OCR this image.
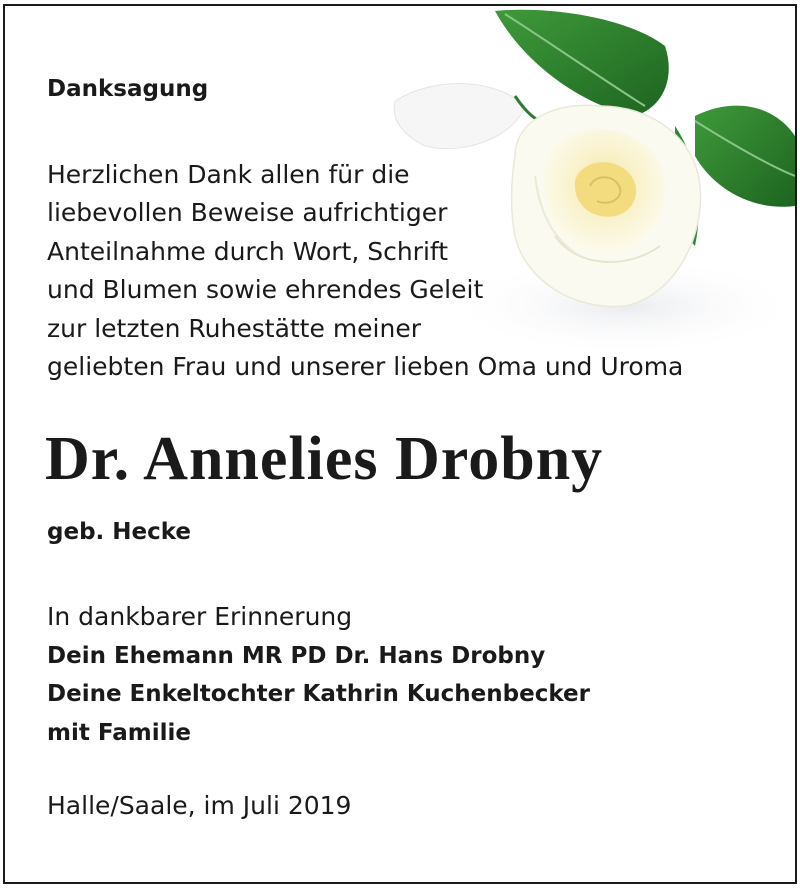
Danksagung
Herzlichen Dank allen für die
liebevollen Beweise aufrichtiger
Anteilnahme durch Wort, Schrift
und Blumen sowie ehrendes Geleit
zur letzten Ruhestätte meiner
geliebten Frau und unserer lieben Oma und Uroma
Dr. Annelies Drobny

geb. Hecke

In dankbarer Erinnerung
Dein Ehemann MR PD Dr. Hans Drobny
Deine Enkeltochter Kathrin Kuchenbecker
mit Familie

Halle/Saale, im Juli 2019
